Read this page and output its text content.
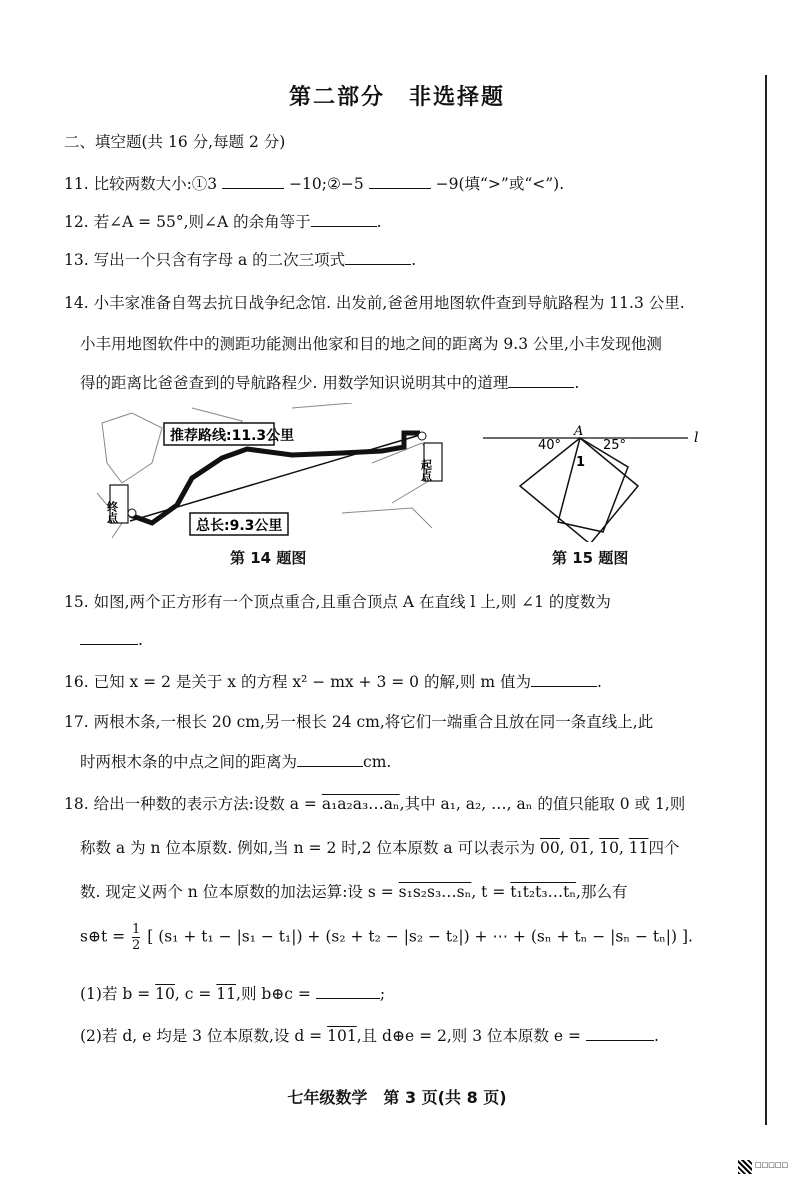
第二部分　非选择题
二、填空题(共 16 分,每题 2 分)
11. 比较两数大小:①3	−10;②−5	−9(填“>”或“<”).
12. 若∠A = 55°,则∠A 的余角等于	.
13. 写出一个只含有字母 a 的二次三项式	.
14. 小丰家准备自驾去抗日战争纪念馆. 出发前,爸爸用地图软件查到导航路程为 11.3 公里.
小丰用地图软件中的测距功能测出他家和目的地之间的距离为 9.3 公里,小丰发现他测
得的距离比爸爸查到的导航路程少. 用数学知识说明其中的道理	.
推荐路线:11.3公里
总长:9.3公里
起点
终点
第 14 题图
40°	25°
A
1
l
第 15 题图
15. 如图,两个正方形有一个顶点重合,且重合顶点 A 在直线 l 上,则 ∠1 的度数为
.
16. 已知 x = 2 是关于 x 的方程 x² − mx + 3 = 0 的解,则 m 值为	.
17. 两根木条,一根长 20 cm,另一根长 24 cm,将它们一端重合且放在同一条直线上,此
时两根木条的中点之间的距离为	cm.
18. 给出一种数的表示方法:设数 a = a₁a₂a₃…aₙ,其中 a₁, a₂, …, aₙ 的值只能取 0 或 1,则
称数 a 为 n 位本原数. 例如,当 n = 2 时,2 位本原数 a 可以表示为 00, 01, 10, 11四个
数. 现定义两个 n 位本原数的加法运算:设 s = s₁s₂s₃…sₙ, t = t₁t₂t₃…tₙ,那么有
s⊕t = $\frac{1}{2}$ [ (s₁ + t₁ − |s₁ − t₁|) + (s₂ + t₂ − |s₂ − t₂|) + ⋯ + (sₙ + tₙ − |sₙ − tₙ|) ].
(1)若 b = 10, c = 11,则 b⊕c =	;
(2)若 d, e 均是 3 位本原数,设 d = 101,且 d⊕e = 2,则 3 位本原数 e =	.
七年级数学　第 3 页(共 8 页)
□□□□□
